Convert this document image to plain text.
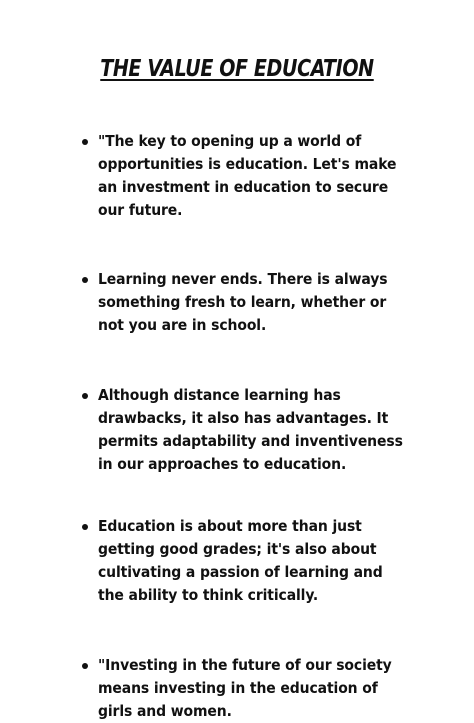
THE VALUE OF EDUCATION
"The key to opening up a world of opportunities is education. Let's make an investment in education to secure our future.
Learning never ends. There is always something fresh to learn, whether or not you are in school.
Although distance learning has drawbacks, it also has advantages. It permits adaptability and inventiveness in our approaches to education.
Education is about more than just getting good grades; it's also about cultivating a passion of learning and the ability to think critically.
"Investing in the future of our society means investing in the education of girls and women.
